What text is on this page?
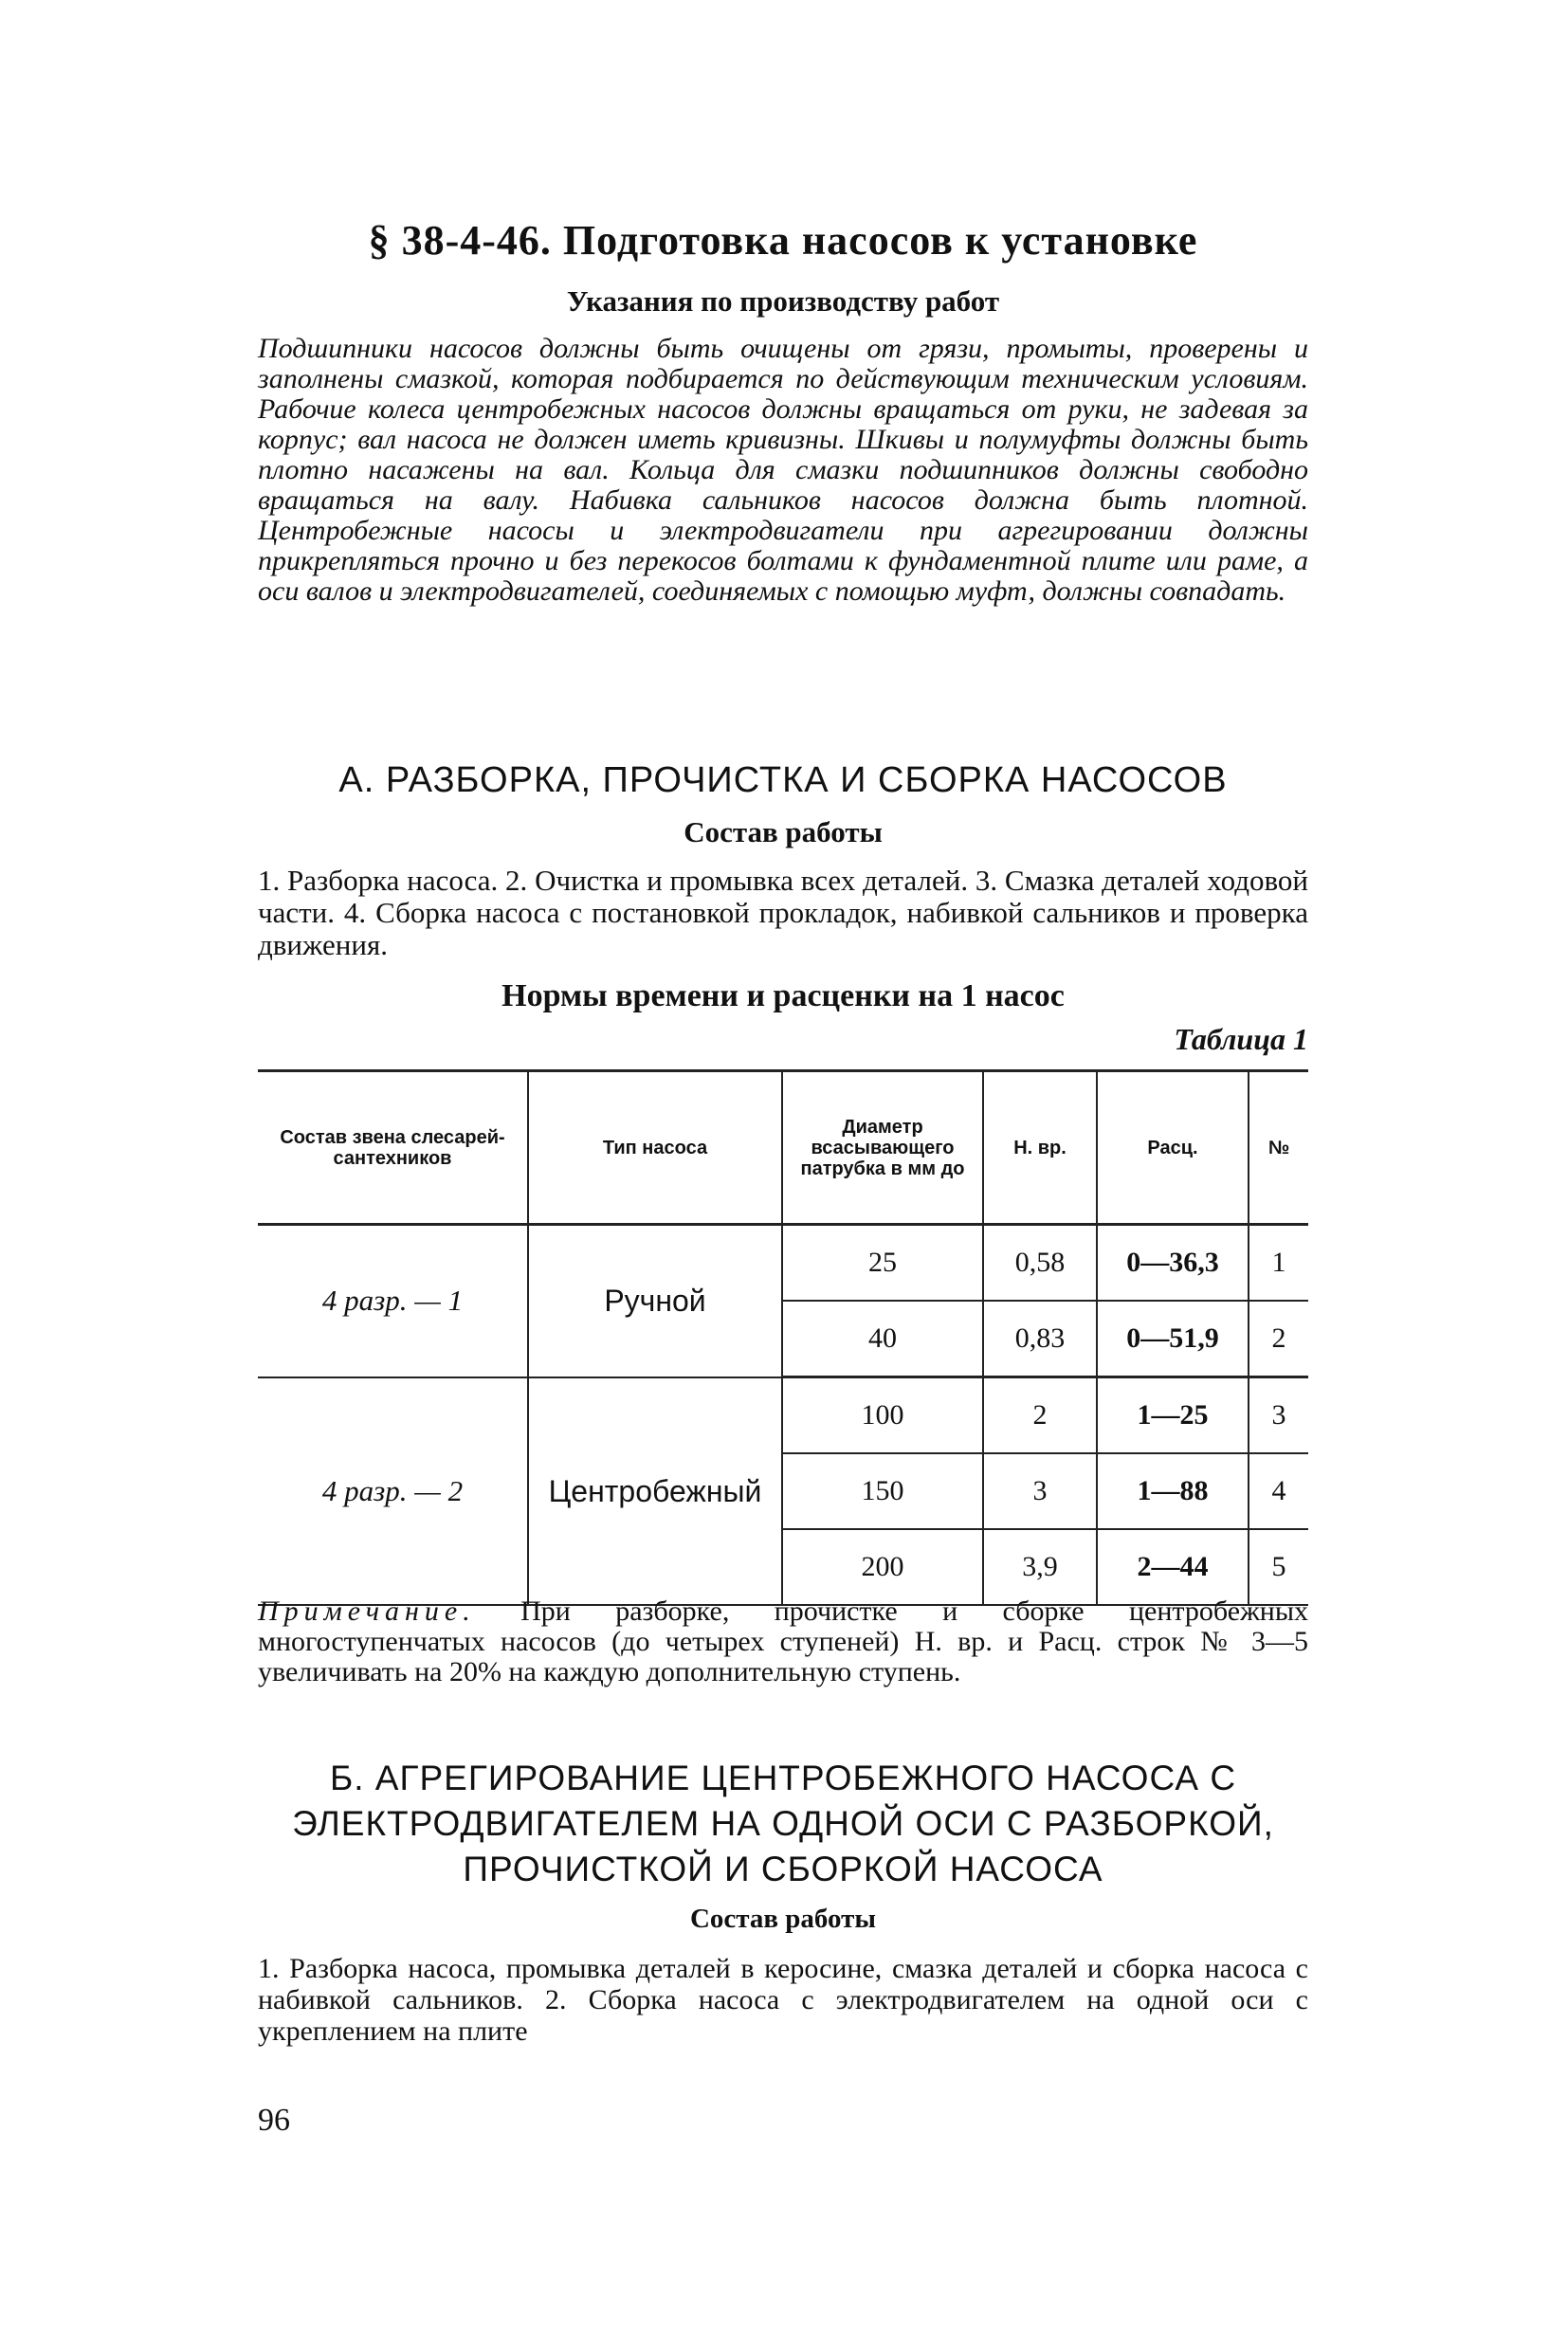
§ 38-4-46. Подготовка насосов к установке
Указания по производству работ
Подшипники насосов должны быть очищены от грязи, промыты, проверены и заполнены смазкой, которая подбирается по действующим техническим условиям. Рабочие колеса центробежных насосов должны вращаться от руки, не задевая за корпус; вал насоса не должен иметь кривизны. Шкивы и полумуфты должны быть плотно насажены на вал. Кольца для смазки подшипников должны свободно вращаться на валу. Набивка сальников насосов должна быть плотной. Центробежные насосы и электродвигатели при агрегировании должны прикрепляться прочно и без перекосов болтами к фундаментной плите или раме, а оси валов и электродвигателей, соединяемых с помощью муфт, должны совпадать.
А. РАЗБОРКА, ПРОЧИСТКА И СБОРКА НАСОСОВ
Состав работы
1. Разборка насоса. 2. Очистка и промывка всех деталей. 3. Смазка деталей ходовой части. 4. Сборка насоса с постановкой прокладок, набивкой сальников и проверка движения.
Нормы времени и расценки на 1 насос
Таблица 1
Состав звена слесарей-сантехников	Тип насоса	Диаметр всасывающего патрубка в мм до	Н. вр.	Расц.	№
4 разр. — 1	Ручной	25	0,58	0—36,3	1
		40	0,83	0—51,9	2
4 разр. — 2	Центробежный	100	2	1—25	3
		150	3	1—88	4
		200	3,9	2—44	5
Примечание. При разборке, прочистке и сборке центробежных многоступенчатых насосов (до четырех ступеней) Н. вр. и Расц. строк № 3—5 увеличивать на 20% на каждую дополнительную ступень.
Б. АГРЕГИРОВАНИЕ ЦЕНТРОБЕЖНОГО НАСОСА С ЭЛЕКТРОДВИГАТЕЛЕМ НА ОДНОЙ ОСИ С РАЗБОРКОЙ, ПРОЧИСТКОЙ И СБОРКОЙ НАСОСА
Состав работы
1. Разборка насоса, промывка деталей в керосине, смазка деталей и сборка насоса с набивкой сальников. 2. Сборка насоса с электродвигателем на одной оси с укреплением на плите
96
